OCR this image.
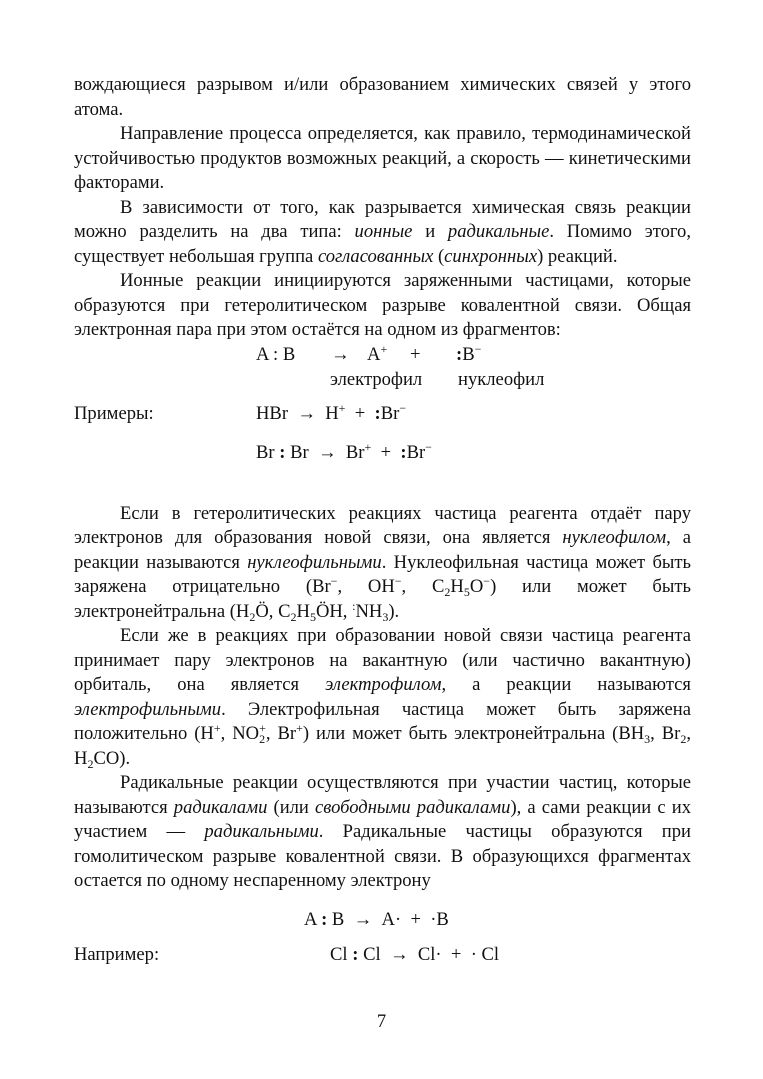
вождающиеся разрывом и/или образованием химических связей у этого атома.

Направление процесса определяется, как правило, термодинамической устойчивостью продуктов возможных реакций, а скорость — кинетическими факторами.

В зависимости от того, как разрывается химическая связь реакции можно разделить на два типа: ионные и радикальные. Помимо этого, существует небольшая группа согласованных (синхронных) реакций.

Ионные реакции инициируются заряженными частицами, которые образуются при гетеролитическом разрыве ковалентной связи. Общая электронная пара при этом остаётся на одном из фрагментов:

A : B → A+ + :B−
электрофил нуклеофил
Примеры:	HBr → H+  +  :Br−
Br : Br  → Br+  +  :Br−

Если в гетеролитических реакциях частица реагента отдаёт пару электронов для образования новой связи, она является нуклеофилом, а реакции называются нуклеофильными. Нуклеофильная частица может быть заряжена отрицательно (Br−, OH−, $C_2H_5O^-$) или может быть электронейтральна ($H_2Ö$, $C_2H_5ÖH$, $^:NH_3$).

Если же в реакциях при образовании новой связи частица реагента принимает пару электронов на вакантную (или частично вакантную) орбиталь, она является электрофилом, а реакции называются электрофильными. Электрофильная частица может быть заряжена положительно (H+, $NO_2^+$, Br+) или может быть электронейтральна ($BH_3$, $Br_2$, $H_2CO$).

Радикальные реакции осуществляются при участии частиц, которые называются радикалами (или свободными радикалами), а сами реакции с их участием — радикальными. Радикальные частицы образуются при гомолитическом разрыве ковалентной связи. В образующихся фрагментах остается по одному неспаренному электрону

A : B  → A·  +  ·B
Например:	Cl : Cl  → Cl·  +  · Cl
7
